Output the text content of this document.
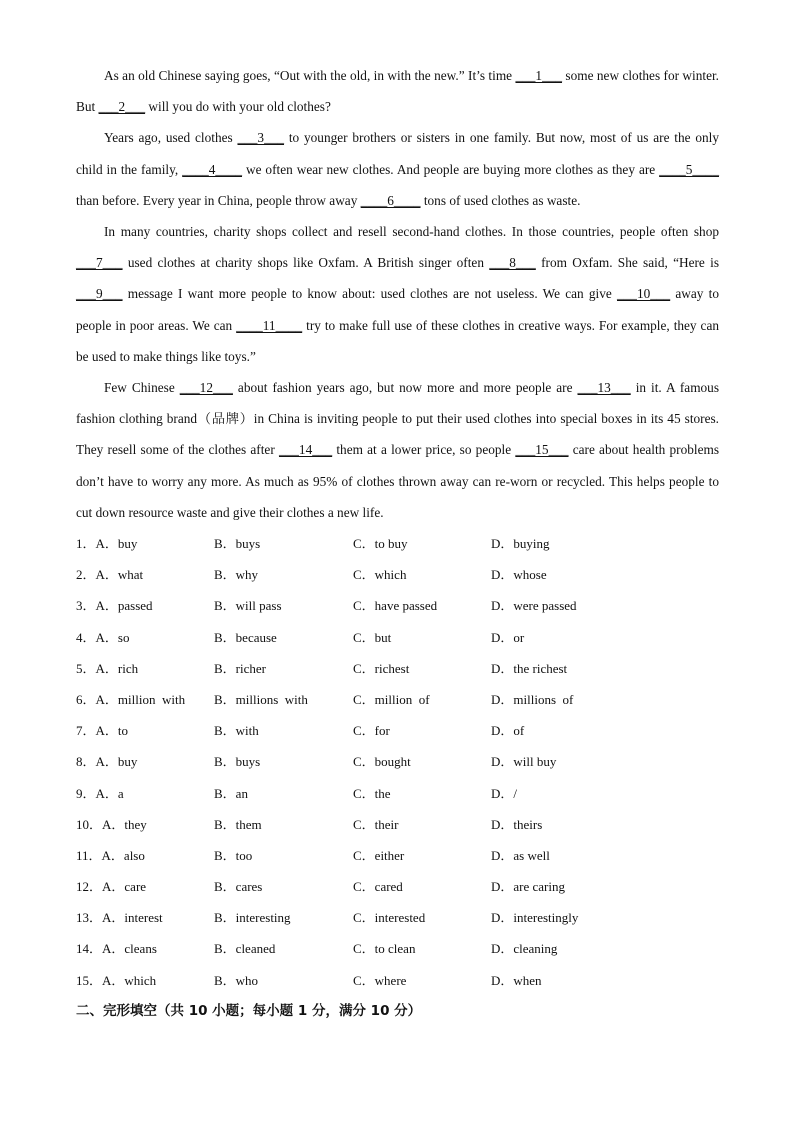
As an old Chinese saying goes, “Out with the old, in with the new.” It’s time ___1___ some new clothes for winter. But ___2___ will you do with your old clothes?

Years ago, used clothes ___3___ to younger brothers or sisters in one family. But now, most of us are the only child in the family, ____4____ we often wear new clothes. And people are buying more clothes as they are ____5____ than before. Every year in China, people throw away ____6____ tons of used clothes as waste.

In many countries, charity shops collect and resell second-hand clothes. In those countries, people often shop ___7___ used clothes at charity shops like Oxfam. A British singer often ___8___ from Oxfam. She said, “Here is ___9___ message I want more people to know about: used clothes are not useless. We can give ___10___ away to people in poor areas. We can ____11____ try to make full use of these clothes in creative ways. For example, they can be used to make things like toys.”

Few Chinese ___12___ about fashion years ago, but now more and more people are ___13___ in it. A famous fashion clothing brand（品牌）in China is inviting people to put their used clothes into special boxes in its 45 stores. They resell some of the clothes after ___14___ them at a lower price, so people ___15___ care about health problems don’t have to worry any more. As much as 95% of clothes thrown away can re-worn or recycled. This helps people to cut down resource waste and give their clothes a new life.

1．A．buy	B．buys	C．to buy	D．buying
2．A．what	B．why	C．which	D．whose
3．A．passed	B．will pass	C．have passed	D．were passed
4．A．so	B．because	C．but	D．or
5．A．rich	B．richer	C．richest	D．the richest
6．A．million  with	B．millions  with	C．million  of	D．millions  of
7．A．to	B．with	C．for	D．of
8．A．buy	B．buys	C．bought	D．will buy
9．A．a	B．an	C．the	D．/
10．A．they	B．them	C．their	D．theirs
11．A．also	B．too	C．either	D．as well
12．A．care	B．cares	C．cared	D．are caring
13．A．interest	B．interesting	C．interested	D．interestingly
14．A．cleans	B．cleaned	C．to clean	D．cleaning
15．A．which	B．who	C．where	D．when
二、完形填空（共 10 小题；每小题 1 分，满分 10 分）
